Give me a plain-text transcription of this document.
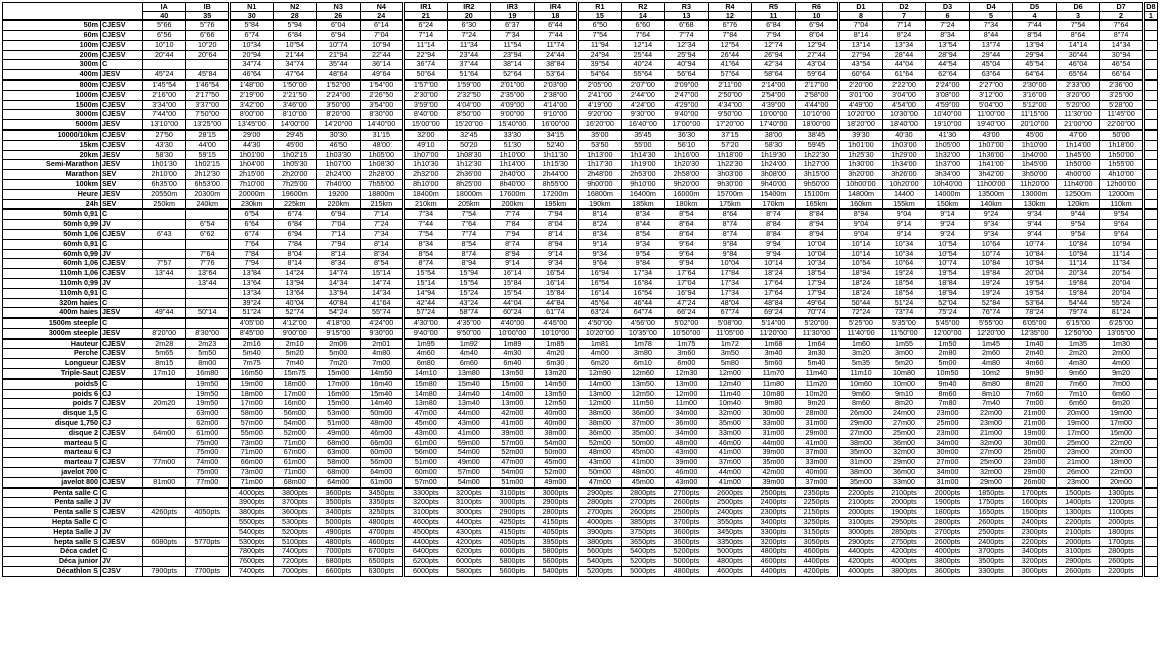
		IA	IB	N1	N2	N3	N4	IR1	IR2	IR3	IR4	R1	R2	R3	R4	R5	R6	D1	D2	D3	D4	D5	D6	D7	D8
		40	35	30	28	26	24	21	20	19	18	15	14	13	12	11	10	8	7	6	5	4	3	2	1
50m	CJESV	5"66	5"76	5"84	5"94	6"04	6"14	6"24	6"30	6"37	6"44	6"50	6"60	6"68	6"76	6"84	6"94	7"04	7"14	7"24	7"34	7"44	7"54	7"64	
60m	CJESV	6"56	6"66	6"74	6"84	6"94	7"04	7"14	7"24	7"34	7"44	7"54	7"64	7"74	7"84	7"94	8"04	8"14	8"24	8"34	8"44	8"54	8"64	8"74	
100m	CJESV	10"10	10"20	10"34	10"54	10"74	10"94	11"14	11"34	11"54	11"74	11"94	12"14	12"34	12"54	12"74	12"94	13"14	13"34	13"54	13"74	13"94	14"14	14"34	
200m	CJESV	20"44	20"64	20"94	21"44	21"94	22"44	22"94	23"44	23"94	24"44	24"94	25"44	25"94	26"44	26"94	27"44	27"94	28"44	28"94	29"44	29"94	30"44	30"94	
300m	C			34"74	34"74	35"44	36"14	36"74	37"44	38"14	38"84	39"54	40"24	40"94	41"64	42"34	43"04	43"54	44"04	44"54	45"04	45"54	46"04	46"54	
400m	JESV	45"24	45"84	46"64	47"64	48"64	49"64	50"64	51"64	52"64	53"64	54"64	55"64	56"64	57"64	58"64	59"64	60"64	61"64	62"64	63"64	64"64	65"64	66"64	
800m	CJESV	1'45"54	1'46"54	1'48"00	1'50"00	1'52"00	1'54"00	1'57"00	1'59"00	2'01"00	2'03"00	2'05"00	2'07"00	2'09"00	2'11"00	2'14"00	2'17"00	2'20"00	2'22"00	2'24"00	2'27"00	2'30"00	2'33"00	2'36"00	
1000m	CJESV	2'16"00	2'17"50	2'19"00	2'21"50	2'24"00	2'26"50	2'30"00	2'32"50	2'35"00	2'38"00	2'41"00	2'44"00	2'47"00	2'50"00	2'54"00	2'58"00	3'01"00	3'04"00	3'08"00	3'12"00	3'16"00	3'20"00	3'25"00	
1500m	CJESV	3'34"00	3'37"00	3'42"00	3'46"00	3'50"00	3'54"00	3'59"00	4'04"00	4'09"00	4'14"00	4'19"00	4'24"00	4'29"00	4'34"00	4'39"00	4'44"00	4'49"00	4'54"00	4'59"00	5'04"00	5'12"00	5'20"00	5'28"00	
3000m	CJESV	7'44"00	7'50"00	8'00"00	8'10"00	8'20"00	8'30"00	8'40"00	8'50"00	9'00"00	9'10"00	9'20"00	9'30"00	9'40"00	9'50"00	10'00"00	10'10"00	10'20"00	10'30"00	10'40"00	11'00"00	11'15"00	11'30"00	11'45"00	
5000m	JESV	13'10"00	13'25"00	13'45"00	14'00"00	14'20"00	14'40"00	15'00"00	15'20"00	15'40"00	16'00"00	16'20"00	16'40"00	17'00"00	17'20"00	17'40"00	18'00"00	18'20"00	18'40"00	19'10"00	19'40"00	20'10"00	21'00"00	22'00"00	
10000/10km	CJESV	27'50	28'15	29'00	29'45	30'30	31'15	32'00	32'45	33'30	34'15	35'00	35'45	36'30	37'15	38'00	38'45	39'30	40'30	41'30	43'00	45'00	47'00	50'00	
15km	CJESV	43'30	44'00	44'30	45'00	46'50	48'00	49'10	50'20	51'30	52'40	53'50	55'00	56'10	57'20	58'30	59'45	1h01'00	1h03'00	1h05'00	1h07'00	1h10'00	1h14'00	1h18'00	
20km	JESV	58'30	59'15	1h01'00	1h02'15	1h03'30	1h05'00	1h07'00	1h08'30	1h10'00	1h11'30	1h13'00	1h14'30	1h16'00	1h18'00	1h19'30	1h22'30	1h25'30	1h29'00	1h32'00	1h36'00	1h40'00	1h45'00	1h50'00	
Semi-Marathon	JESV	1h01'30	1h02'15	1h04'00	1h05'30	1h07'00	1h08'30	1h10'30	1h12'30	1h14'00	1h15'30	1h17'30	1h19'00	1h20'30	1h22'30	1h24'00	1h27'00	1h30'00	1h34'00	1h37'00	1h41'00	1h45'00	1h50'00	1h55'00	
Marathon	SEV	2h10'00	2h12'30	2h15'00	2h20'00	2h24'00	2h28'00	2h32'00	2h36'00	2h40'00	2h44'00	2h48'00	2h53'00	2h58'00	3h03'00	3h08'00	3h15'00	3h20'00	3h26'00	3h34'00	3h42'00	3h50'00	4h00'00	4h10'00	
100km	SEV	6h35'00	6h53'00	7h10'00	7h25'00	7h40'00	7h55'00	8h10'00	8h25'00	8h40'00	8h55'00	9h00'00	9h10'00	9h20'00	9h30'00	9h40'00	9h50'00	10h00'00	10h20'00	10h40'00	11h00'00	11h20'00	11h40'00	12h00'00	
Heure	JESV	20550m	20300m	20000m	19600m	19200	18800m	18400m	18000m	17600m	17200m	16800m	16400m	16000m	15700m	15400m	15100m	14800m	14400	14000m	13500m	13000m	12500m	12000m	
24h	SEV	250km	240km	230km	225km	220km	215km	210km	205km	200km	195km	190km	185km	180km	175km	170km	165km	160km	155km	150km	140km	130km	120km	110km	
50mh 0,91	C			6"54	6"74	6"94	7"14	7"34	7"54	7"74	7"94	8"14	8"34	8"54	8"64	8"74	8"84	8"94	9"04	9"14	9"24	9"34	9"44	9"54	
50mh 0,99	JV		6"54	6"64	6"84	7"04	7"24	7"44	7"64	7"84	8"04	8"24	8"44	8"64	8"74	8"84	8"94	9"04	9"14	9"24	9"34	9"44	9"54	9"64	
50mh 1,06	CJESV	6"43	6"62	6"74	6"94	7"14	7"34	7"54	7"74	7"94	8"14	8"34	8"54	8"64	8"74	8"84	8"94	9"04	9"14	9"24	9"34	9"44	9"54	9"64	
60mh 0,91	C			7"64	7"84	7"94	8"14	8"34	8"54	8"74	8"94	9"14	9"34	9"64	9"84	9"94	10"04	10"14	10"34	10"54	10"64	10"74	10"84	10"94	
60mh 0,99	JV		7"64	7"84	8"04	8"14	8"34	8"54	8"74	8"94	9"14	9"34	9"54	9"64	9"84	9"94	10"04	10"14	10"34	10"54	10"74	10"84	10"94	11"14	
60mh 1,06	CJESV	7"57	7"76	7"94	8"14	8"34	8"54	8"74	8"94	9"14	9"34	9"64	9"84	9"94	10"04	10"14	10"34	10"54	10"64	10"74	10"84	10"94	11"14	11"34	
110mh 1,06	CJESV	13"44	13"64	13"84	14"24	14"74	15"14	15"54	15"94	16"14	16"54	16"94	17"34	17"64	17"84	18"24	18"54	18"94	19"24	19"54	19"84	20"04	20"34	20"54	
110mh 0,99	JV		13"44	13"64	13"94	14"34	14"74	15"14	15"54	15"84	16"14	16"54	16"84	17"04	17"34	17"64	17"94	18"24	18"54	18"84	19"24	19"54	19"84	20"04	
110mh 0,91	C			13"34	13"64	13"94	14"34	14"94	15"24	15"54	15"84	16"14	16"54	16"94	17"34	17"64	17"94	18"24	18"54	18"94	19"24	19"54	19"84	20"04	
320m haies	C			39"24	40"04	40"84	41"64	42"44	43"24	44"04	44"84	45"64	46"44	47"24	48"04	48"84	49"64	50"44	51"24	52"04	52"84	53"64	54"44	55"24	
400m haies	JESV	49"44	50"14	51"24	52"74	54"24	55"74	57"24	58"74	60"24	61"74	63"24	64"74	66"24	67"74	69"24	70"74	72"24	73"74	75"24	76"74	78"24	79"74	81"24	
1500m steeple	C			4'05"00	4'12"00	4'18"00	4'24"00	4'30"00	4'35"00	4'40"00	4'45"00	4'50"00	4'56"00	5'02"00	5'08"00	5'14"00	5'20"00	5'25"00	5'35"00	5'45"00	5'55"00	6'05"00	6'15"00	6'25"00	
3000m steeple	JESV	8'20"00	8'30"00	8'45"00	9'00"00	9'15"00	9'30"00	9'40"00	9'50"00	10'00"00	10'10"00	10'20"00	10'35"00	10'50"00	11'05"00	11'20"00	11'30"00	11'40"00	11'50"00	12'00"00	12'20"00	12'35"00	12'50"00	13'05"00	
Hauteur	CJESV	2m28	2m23	2m16	2m10	2m06	2m01	1m95	1m92	1m89	1m85	1m81	1m78	1m75	1m72	1m68	1m64	1m60	1m55	1m50	1m45	1m40	1m35	1m30	
Perche	CJESV	5m65	5m50	5m40	5m20	5m00	4m80	4m60	4m40	4m30	4m20	4m00	3m80	3m60	3m50	3m40	3m30	3m20	3m00	2m80	2m60	2m40	2m20	2m00	
Longueur	CJESV	8m15	8m00	7m75	7m40	7m20	7m00	6m80	6m60	6m40	6m30	6m20	6m10	6m00	5m80	5m60	5m40	5m35	5m20	5m00	4m80	4m60	4m30	4m00	
Triple-Saut	CJESV	17m10	16m80	16m50	15m75	15m00	14m50	14m10	13m80	13m50	13m20	12m90	12m60	12m30	12m00	11m70	11m40	11m10	10m80	10m50	10m2	9m90	9m60	9m20	
poids5	C		19m50	19m00	18m00	17m00	16m40	15m80	15m40	15m00	14m50	14m00	13m50	13m00	12m40	11m80	11m20	10m60	10m00	9m40	8m80	8m20	7m60	7m00	
poids 6	CJ		19m50	18m00	17m00	16m00	15m40	14m80	14m40	14m00	13m50	13m00	12m50	12m00	11m40	10m80	10m20	9m60	9m10	8m60	8m10	7m60	7m10	6m60	
poids 7	CJESV	20m20	19m50	17m00	16m00	15m00	14m40	13m80	13m40	13m00	12m50	12m00	11m50	11m00	10m40	9m80	9m20	8m60	8m20	7m80	7m40	7m00	6m60	6m20	
disque 1,5	C		63m00	58m00	56m00	53m00	50m00	47m00	44m00	42m00	40m00	38m00	36m00	34m00	32m00	30m00	28m00	26m00	24m00	23m00	22m00	21m00	20m00	19m00	
disque 1,750	CJ		62m00	57m00	54m00	51m00	48m00	45m00	43m00	41m00	40m00	38m00	37m00	36m00	35m00	33m00	31m00	29m00	27m00	25m00	23m00	21m00	19m00	17m00	
disque 2	CJESV	64m00	61m00	55m00	52m00	49m00	46m00	43m00	41m00	39m00	38m00	36m00	35m00	34m00	33m00	31m00	29m00	27m00	25m00	23m00	21m00	19m00	17m00	15m00	
marteau 5	C		75m00	73m00	71m00	68m00	66m00	61m00	59m00	57m00	54m00	52m00	50m00	48m00	46m00	44m00	41m00	38m00	36m00	34m00	32m00	30m00	25m00	22m00	
marteau 6	CJ		75m00	71m00	67m00	63m00	60m00	56m00	54m00	52m00	50m00	48m00	45m00	43m00	41m00	39m00	37m00	35m00	32m00	30m00	27m00	25m00	23m00	20m00	
marteau 7	CJESV	77m00	74m00	66m00	61m00	58m00	56m00	51m00	49m00	47m00	45m00	43m00	41m00	39m00	37m00	35m00	33m00	31m00	29m00	27m00	25m00	23m00	21m00	18m00	
javelot 700	C		75m00	73m00	71m00	68m00	64m00	60m00	57m00	54m00	52m00	50m00	48m00	46m00	44m00	42m00	40m00	38m00	36m00	34m00	32m00	29m00	26m00	22m00	
javelot 800	CJESV	81m00	77m00	71m00	68m00	64m00	61m00	57m00	54m00	51m00	49m00	47m00	45m00	43m00	41m00	39m00	37m00	35m00	33m00	31m00	29m00	26m00	23m00	20m00	
Penta salle C	C			4000pts	3800pts	3600pts	3450pts	3300pts	3200pts	3100pts	3000pts	2900pts	2800pts	2700pts	2600pts	2500pts	2350pts	2200pts	2100pts	2000pts	1850pts	1700pts	1500pts	1300pts	
Penta salle J	JV			3900pts	3700pts	3500pts	3350pts	3200pts	3100pts	3000pts	2900pts	2800pts	2700pts	2600pts	2500pts	2400pts	2250pts	2100pts	2000pts	1900pts	1750pts	1600pts	1400pts	1200pts	
Penta salle S	CJESV	4260pts	4050pts	3800pts	3600pts	3400pts	3250pts	3100pts	3000pts	2900pts	2800pts	2700pts	2600pts	2500pts	2400pts	2300pts	2150pts	2000pts	1900pts	1800pts	1650pts	1500pts	1300pts	1100pts	
Hepta Salle C	C			5500pts	5300pts	5000pts	4800pts	4600pts	4400pts	4250pts	4150pts	4000pts	3850pts	3700pts	3550pts	3400pts	3250pts	3100pts	2950pts	2800pts	2600pts	2400pts	2200pts	2000pts	
Hepta Salle J	JV			5400pts	5200pts	4900pts	4700pts	4500pts	4300pts	4150pts	4050pts	3900pts	3750pts	3600pts	3450pts	3300pts	3150pts	3000pts	2850pts	2700pts	2500pts	2300pts	2100pts	1800pts	
hepta salle S	CJESV	6080pts	5770pts	5300pts	5100pts	4800pts	4600pts	4400pts	4200pts	4050pts	3950pts	3800pts	3650pts	3500pts	3350pts	3200pts	3050pts	2900pts	2750pts	2600pts	2400pts	2200pts	2000pts	1700pts	
Déca cadet	C			7800pts	7400pts	7000pts	6700pts	6400pts	6200pts	6000pts	5800pts	5600pts	5400pts	5200pts	5000pts	4800pts	4600pts	4400pts	4200pts	4000pts	3700pts	3400pts	3100pts	2800pts	
Déca junior	JV			7600pts	7200pts	6800pts	6500pts	6200pts	6000pts	5800pts	5600pts	5400pts	5200pts	5000pts	4800pts	4600pts	4400pts	4200pts	4000pts	3800pts	3500pts	3200pts	2900pts	2600pts	
Décathlon S	CJSV	7900pts	7700pts	7400pts	7000pts	6600pts	6300pts	6000pts	5800pts	5600pts	5400pts	5200pts	5000pts	4800pts	4600pts	4400pts	4200pts	4000pts	3800pts	3600pts	3300pts	3000pts	2600pts	2200pts	
